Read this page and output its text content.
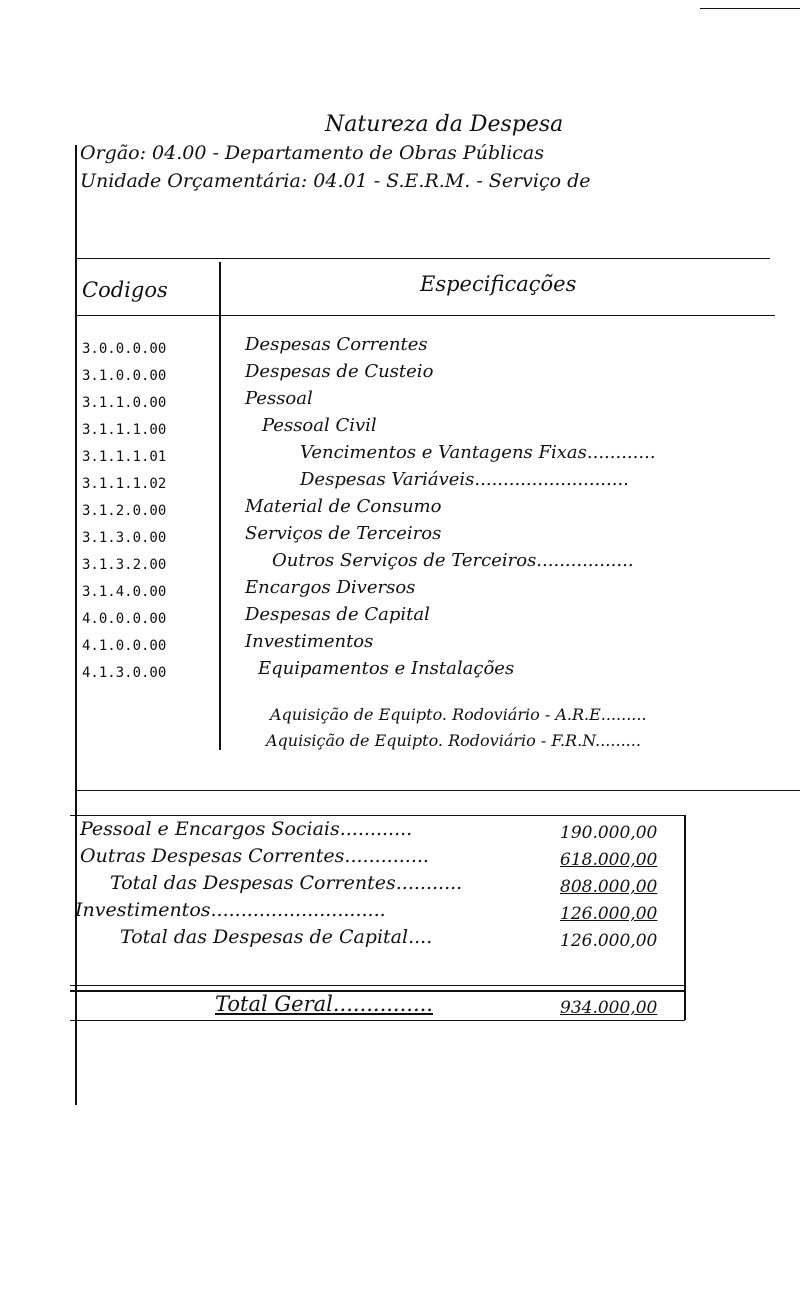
Natureza da Despesa
Orgão: 04.00 - Departamento de Obras Públicas
Unidade Orçamentária: 04.01 - S.E.R.M. - Serviço de
Codigos	Especificações
3.0.0.0.00	Despesas Correntes
3.1.0.0.00	Despesas de Custeio
3.1.1.0.00	Pessoal
3.1.1.1.00	Pessoal Civil
3.1.1.1.01	Vencimentos e Vantagens Fixas............
3.1.1.1.02	Despesas Variáveis...........................
3.1.2.0.00	Material de Consumo
3.1.3.0.00	Serviços de Terceiros
3.1.3.2.00	Outros Serviços de Terceiros.................
3.1.4.0.00	Encargos Diversos
4.0.0.0.00	Despesas de Capital
4.1.0.0.00	Investimentos
4.1.3.0.00	Equipamentos e Instalações
Aquisição de Equipto. Rodoviário - A.R.E.........
Aquisição de Equipto. Rodoviário - F.R.N.........
Pessoal e Encargos Sociais............	190.000,00
Outras Despesas Correntes..............	618.000,00
Total das Despesas Correntes...........	808.000,00
Investimentos.............................	126.000,00
Total das Despesas de Capital....	126.000,00
Total Geral...............	934.000,00
